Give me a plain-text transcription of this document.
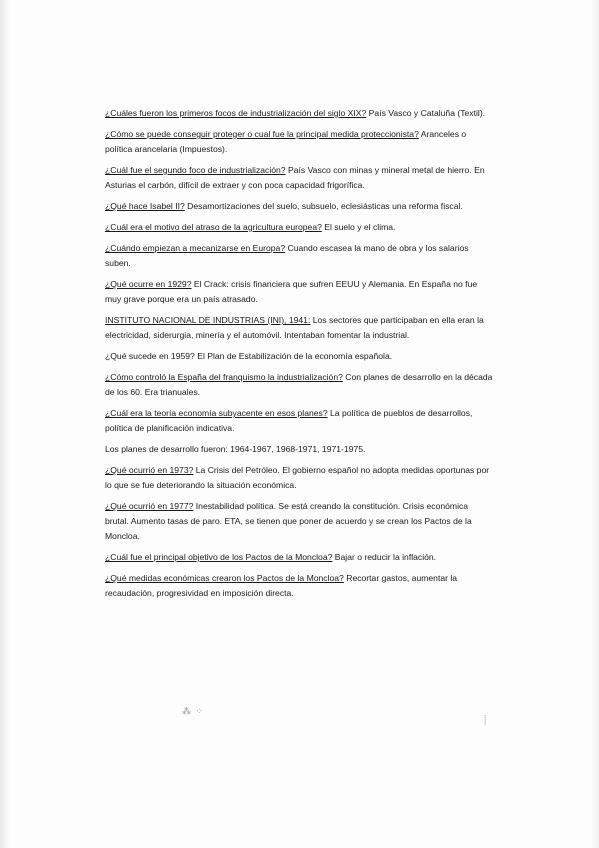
¿Cuáles fueron los primeros focos de industrialización del siglo XIX? País Vasco y Cataluña (Textil).

¿Cómo se puede conseguir proteger o cual fue la principal medida proteccionista? Aranceles o política arancelaria (Impuestos).

¿Cuál fue el segundo foco de industrialización? País Vasco con minas y mineral metal de hierro. En Asturias el carbón, difícil de extraer y con poca capacidad frigorífica.

¿Qué hace Isabel II? Desamortizaciones del suelo, subsuelo, eclesiásticas una reforma fiscal.

¿Cuál era el motivo del atraso de la agricultura europea? El suelo y el clima.

¿Cuándo empiezan a mecanizarse en Europa? Cuando escasea la mano de obra y los salarios suben.

¿Qué ocurre en 1929? El Crack: crisis financiera que sufren EEUU y Alemania. En España no fue muy grave porque era un país atrasado.

INSTITUTO NACIONAL DE INDUSTRIAS (INI), 1941: Los sectores que participaban en ella eran la electricidad, siderurgia, minería y el automóvil. Intentaban fomentar la industrial.

¿Qué sucede en 1959? El Plan de Estabilización de la economía española.

¿Cómo controló la España del franquismo la industrialización? Con planes de desarrollo en la década de los 60. Era trianuales.

¿Cuál era la teoría economía subyacente en esos planes? La política de pueblos de desarrollos, política de planificación indicativa.

Los planes de desarrollo fueron: 1964-1967, 1968-1971, 1971-1975.

¿Qué ocurrió en 1973? La Crisis del Petróleo. El gobierno español no adopta medidas oportunas por lo que se fue deteriorando la situación económica.

¿Qué ocurrió en 1977? Inestabilidad política. Se está creando la constitución. Crisis económica brutal. Aumento tasas de paro. ETA, se tienen que poner de acuerdo y se crean los Pactos de la Moncloa.

¿Cuál fue el principal objetivo de los Pactos de la Moncloa? Bajar o reducir la inflación.

¿Qué medidas económicas crearon los Pactos de la Moncloa? Recortar gastos, aumentar la recaudación, progresividad en imposición directa.

⁂ ⁘
⸽
